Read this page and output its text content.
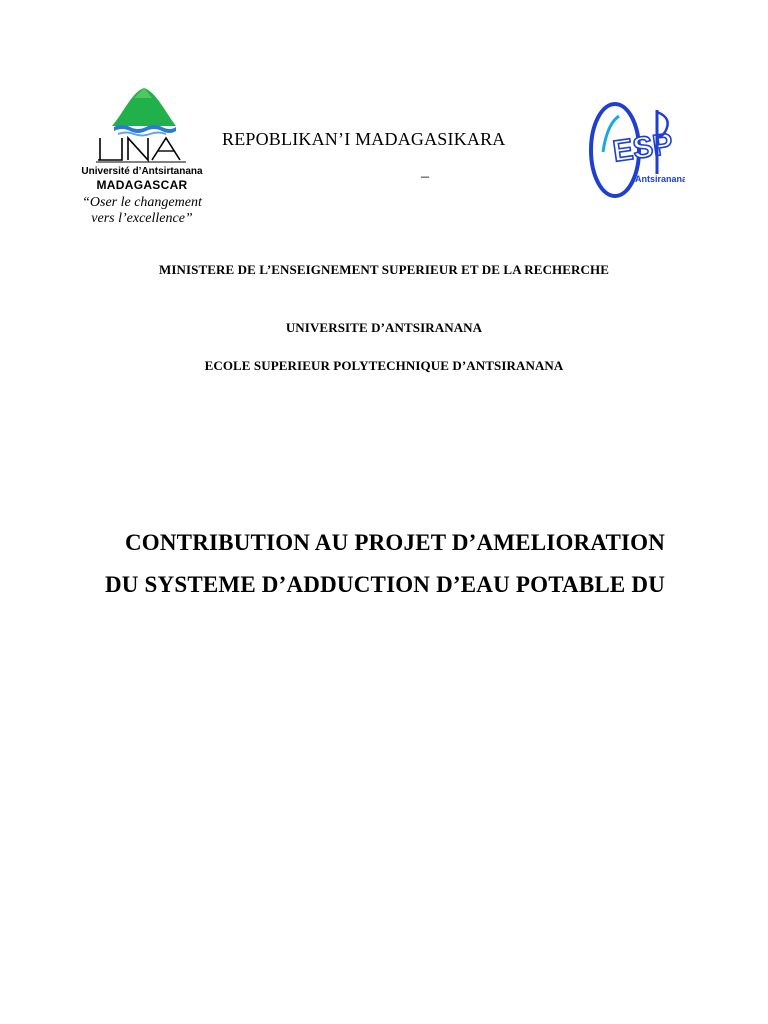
Université d’Antsirtanana
MADAGASCAR
“Oser le changement
vers l’excellence”
REPOBLIKAN’I MADAGASIKARA
–
ESP
Antsiranana
MINISTERE DE L’ENSEIGNEMENT SUPERIEUR ET DE LA RECHERCHE
UNIVERSITE D’ANTSIRANANA
ECOLE SUPERIEUR POLYTECHNIQUE D’ANTSIRANANA
CONTRIBUTION AU PROJET D’AMELIORATION
DU SYSTEME D’ADDUCTION D’EAU POTABLE DU
